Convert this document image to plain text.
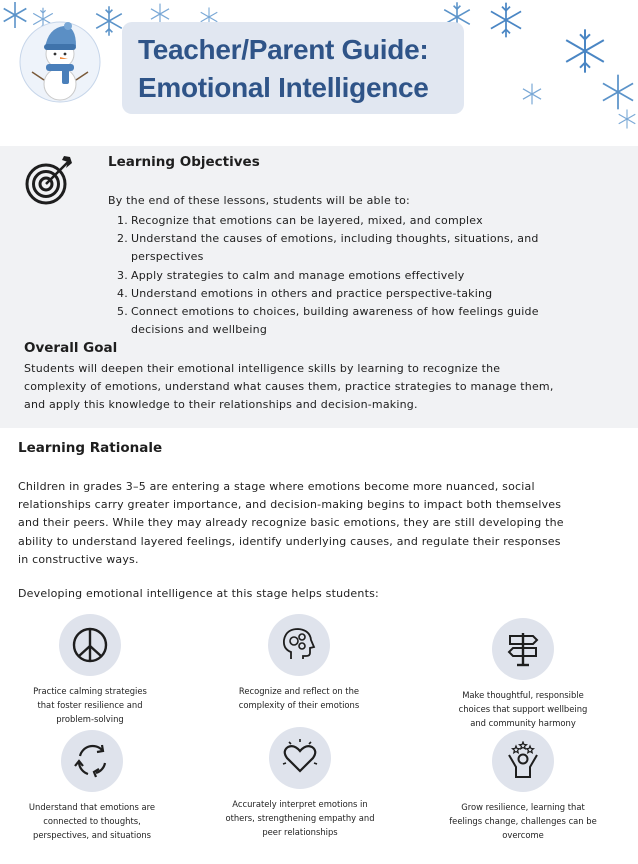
Teacher/Parent Guide:
Emotional Intelligence
Learning Objectives
By the end of these lessons, students will be able to:
1. Recognize that emotions can be layered, mixed, and complex
2. Understand the causes of emotions, including thoughts, situations, and
perspectives
3. Apply strategies to calm and manage emotions effectively
4. Understand emotions in others and practice perspective-taking
5. Connect emotions to choices, building awareness of how feelings guide
decisions and wellbeing
Overall Goal
Students will deepen their emotional intelligence skills by learning to recognize the
complexity of emotions, understand what causes them, practice strategies to manage them,
and apply this knowledge to their relationships and decision-making.
Learning Rationale
Children in grades 3–5 are entering a stage where emotions become more nuanced, social
relationships carry greater importance, and decision-making begins to impact both themselves
and their peers. While they may already recognize basic emotions, they are still developing the
ability to understand layered feelings, identify underlying causes, and regulate their responses
in constructive ways.
Developing emotional intelligence at this stage helps students:
Practice calming strategies
that foster resilience and
problem-solving
Recognize and reflect on the
complexity of their emotions
Make thoughtful, responsible
choices that support wellbeing
and community harmony
Understand that emotions are
connected to thoughts,
perspectives, and situations
Accurately interpret emotions in
others, strengthening empathy and
peer relationships
Grow resilience, learning that
feelings change, challenges can be
overcome
